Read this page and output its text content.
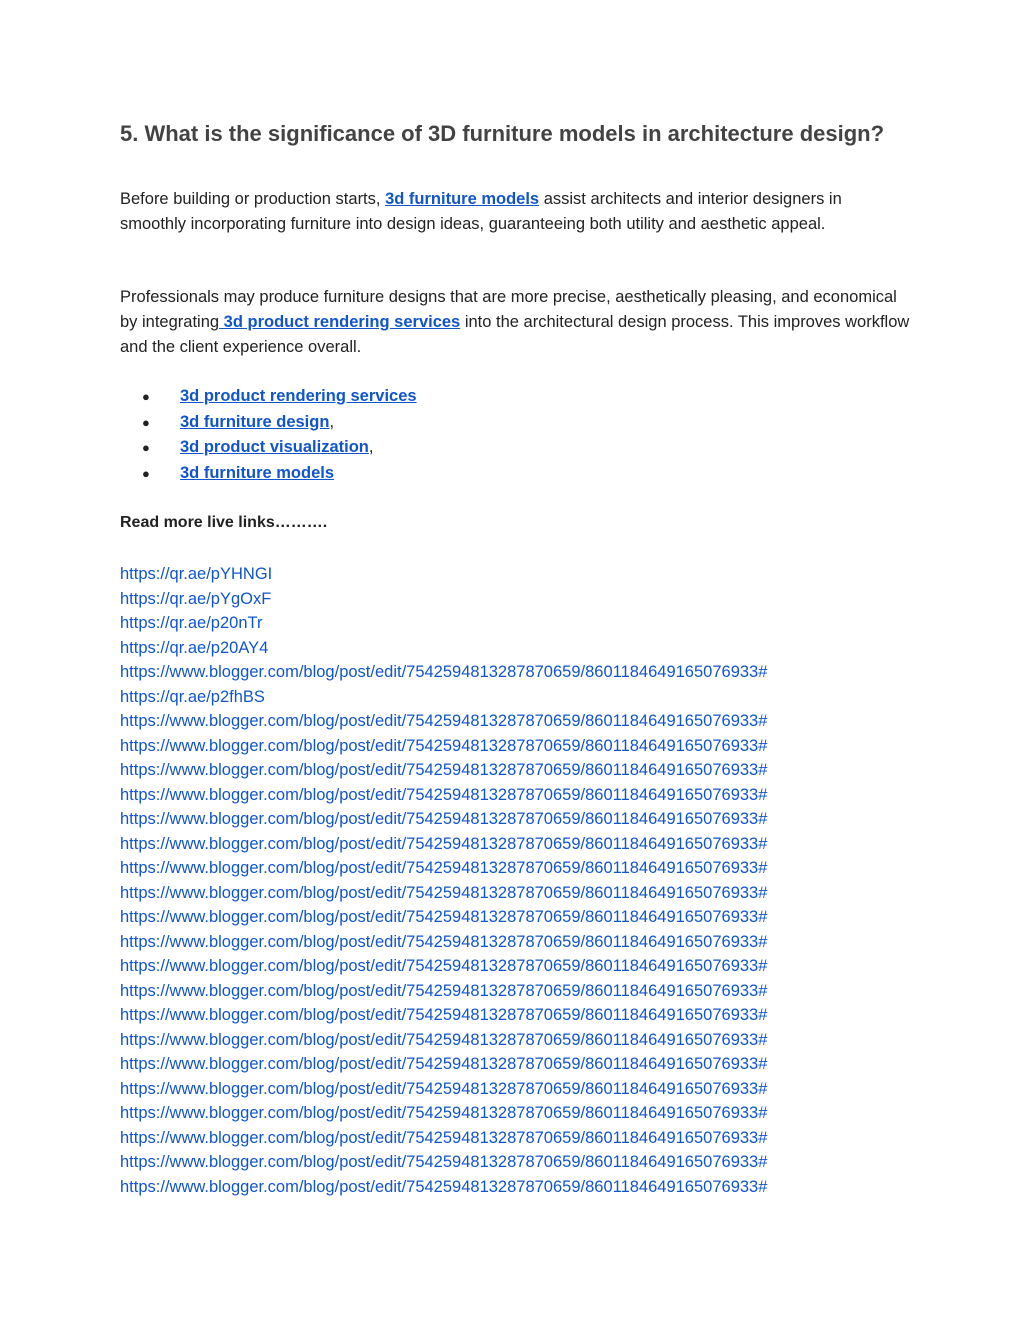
5. What is the significance of 3D furniture models in architecture design?

Before building or production starts, 3d furniture models assist architects and interior designers in smoothly incorporating furniture into design ideas, guaranteeing both utility and aesthetic appeal.

Professionals may produce furniture designs that are more precise, aesthetically pleasing, and economical by integrating 3d product rendering services into the architectural design process. This improves workflow and the client experience overall.

● 3d product rendering services
● 3d furniture design,
● 3d product visualization,
● 3d furniture models

Read more live links……….

https://qr.ae/pYHNGI
https://qr.ae/pYgOxF
https://qr.ae/p20nTr
https://qr.ae/p20AY4
https://www.blogger.com/blog/post/edit/7542594813287870659/8601184649165076933#
https://qr.ae/p2fhBS
https://www.blogger.com/blog/post/edit/7542594813287870659/8601184649165076933#
https://www.blogger.com/blog/post/edit/7542594813287870659/8601184649165076933#
https://www.blogger.com/blog/post/edit/7542594813287870659/8601184649165076933#
https://www.blogger.com/blog/post/edit/7542594813287870659/8601184649165076933#
https://www.blogger.com/blog/post/edit/7542594813287870659/8601184649165076933#
https://www.blogger.com/blog/post/edit/7542594813287870659/8601184649165076933#
https://www.blogger.com/blog/post/edit/7542594813287870659/8601184649165076933#
https://www.blogger.com/blog/post/edit/7542594813287870659/8601184649165076933#
https://www.blogger.com/blog/post/edit/7542594813287870659/8601184649165076933#
https://www.blogger.com/blog/post/edit/7542594813287870659/8601184649165076933#
https://www.blogger.com/blog/post/edit/7542594813287870659/8601184649165076933#
https://www.blogger.com/blog/post/edit/7542594813287870659/8601184649165076933#
https://www.blogger.com/blog/post/edit/7542594813287870659/8601184649165076933#
https://www.blogger.com/blog/post/edit/7542594813287870659/8601184649165076933#
https://www.blogger.com/blog/post/edit/7542594813287870659/8601184649165076933#
https://www.blogger.com/blog/post/edit/7542594813287870659/8601184649165076933#
https://www.blogger.com/blog/post/edit/7542594813287870659/8601184649165076933#
https://www.blogger.com/blog/post/edit/7542594813287870659/8601184649165076933#
https://www.blogger.com/blog/post/edit/7542594813287870659/8601184649165076933#
https://www.blogger.com/blog/post/edit/7542594813287870659/8601184649165076933#
